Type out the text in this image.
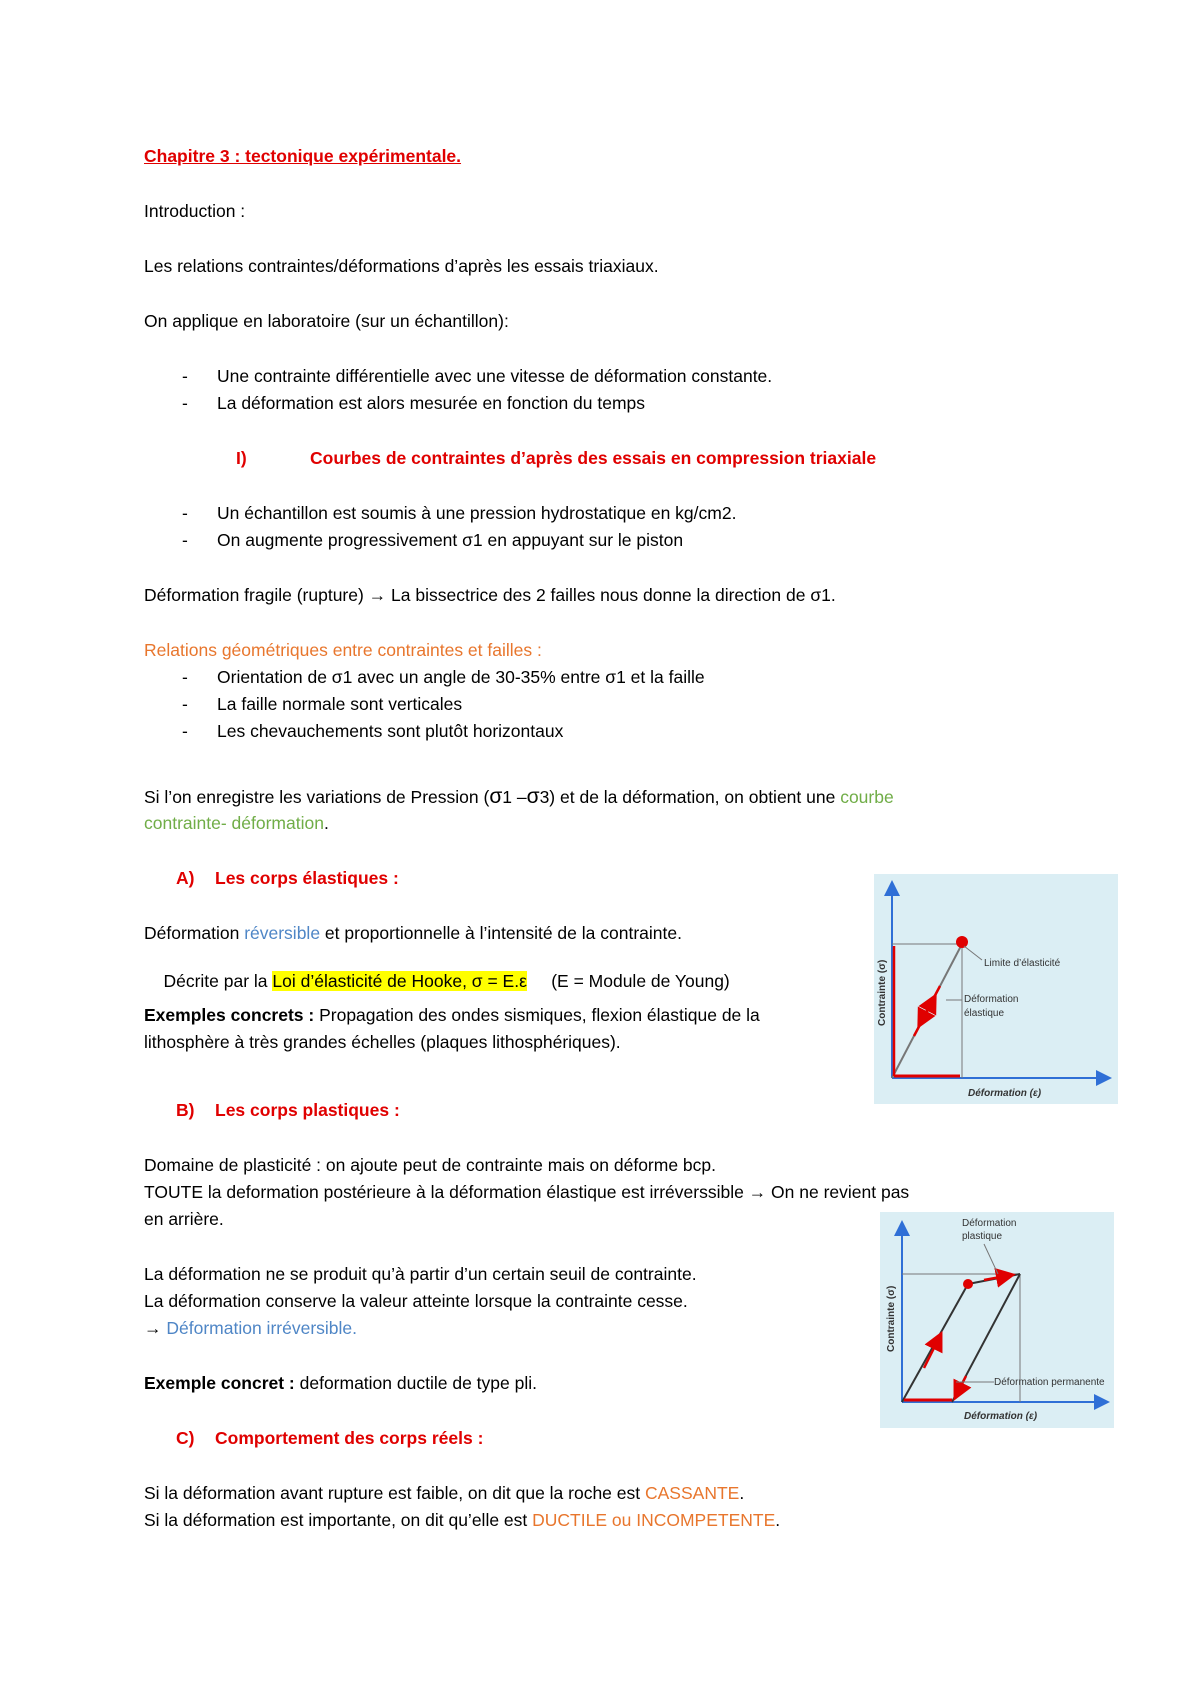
Chapitre 3 : tectonique expérimentale.
Introduction :
Les relations contraintes/déformations d’après les essais triaxiaux.
On applique en laboratoire (sur un échantillon):
- Une contrainte différentielle avec une vitesse de déformation constante.
- La déformation est alors mesurée en fonction du temps
I)	Courbes de contraintes d’après des essais en compression triaxiale
- Un échantillon est soumis à une pression hydrostatique en kg/cm2.
- On augmente progressivement σ1 en appuyant sur le piston
Déformation fragile (rupture) → La bissectrice des 2 failles nous donne la direction de σ1.
Relations géométriques entre contraintes et failles :
- Orientation de σ1 avec un angle de 30-35% entre σ1 et la faille
- La faille normale sont verticales
- Les chevauchements sont plutôt horizontaux
Si l’on enregistre les variations de Pression (σ1 –σ3) et de la déformation, on obtient une courbe
contrainte- déformation.
A) Les corps élastiques :
Déformation réversible et proportionnelle à l’intensité de la contrainte.

Décrite par la Loi d’élasticité de Hooke, σ = E.ε     (E = Module de Young)

Exemples concrets : Propagation des ondes sismiques, flexion élastique de la
lithosphère à très grandes échelles (plaques lithosphériques).
Limite d’élasticité
Déformation
élastique
Déformation (ε)
Contrainte (σ)
B) Les corps plastiques :
Domaine de plasticité : on ajoute peut de contrainte mais on déforme bcp.
TOUTE la deformation postérieure à la déformation élastique est irréverssible → On ne revient pas
en arrière.
La déformation ne se produit qu’à partir d’un certain seuil de contrainte.
La déformation conserve la valeur atteinte lorsque la contrainte cesse.
→ Déformation irréversible.
Exemple concret : deformation ductile de type pli.
Déformation
plastique
Déformation permanente
Déformation (ε)
Contrainte (σ)
C) Comportement des corps réels :
Si la déformation avant rupture est faible, on dit que la roche est CASSANTE.
Si la déformation est importante, on dit qu’elle est DUCTILE ou INCOMPETENTE.
